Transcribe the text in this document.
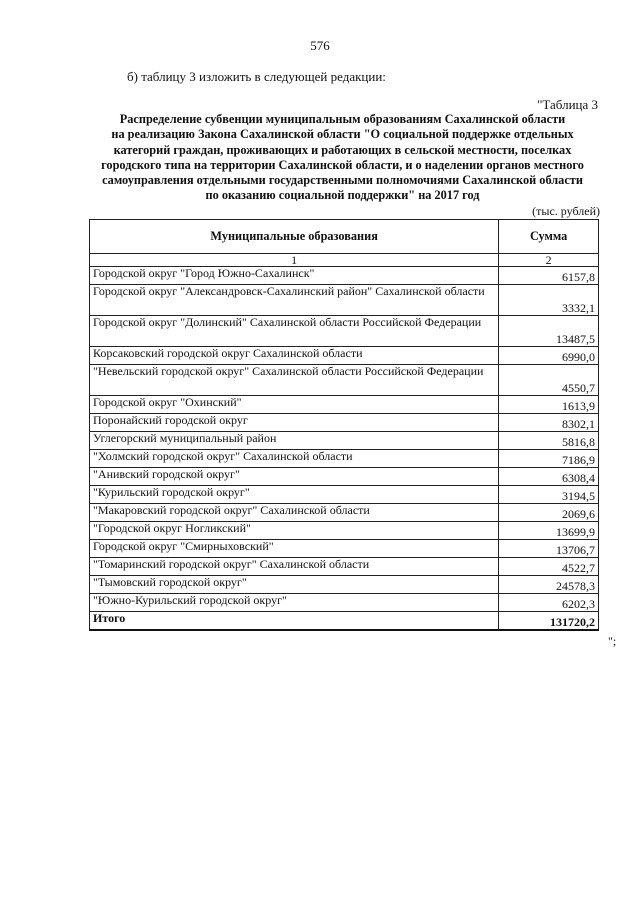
576
б) таблицу 3 изложить в следующей редакции:
"Таблица 3
Распределение субвенции муниципальным образованиям Сахалинской области
на реализацию Закона Сахалинской области "О социальной поддержке отдельных
категорий граждан, проживающих и работающих в сельской местности, поселках
городского типа на территории Сахалинской области, и о наделении органов местного
самоуправления отдельными государственными полномочиями Сахалинской области
по оказанию социальной поддержки" на 2017 год
(тыс. рублей)
Муниципальные образования	Сумма
1	2
Городской округ "Город Южно-Сахалинск"	6157,8
Городской округ "Александровск-Сахалинский район" Сахалинской области	3332,1
Городской округ "Долинский" Сахалинской области Российской Федерации	13487,5
Корсаковский городской округ Сахалинской области	6990,0
"Невельский городской округ" Сахалинской области Российской Федерации	4550,7
Городской округ "Охинский"	1613,9
Поронайский городской округ	8302,1
Углегорский муниципальный район	5816,8
"Холмский городской округ" Сахалинской области	7186,9
"Анивский городской округ"	6308,4
"Курильский городской округ"	3194,5
"Макаровский городской округ" Сахалинской области	2069,6
"Городской округ Ногликский"	13699,9
Городской округ "Смирныховский"	13706,7
"Томаринский городской округ" Сахалинской области	4522,7
"Тымовский городской округ"	24578,3
"Южно-Курильский городской округ"	6202,3
Итого	131720,2
";
